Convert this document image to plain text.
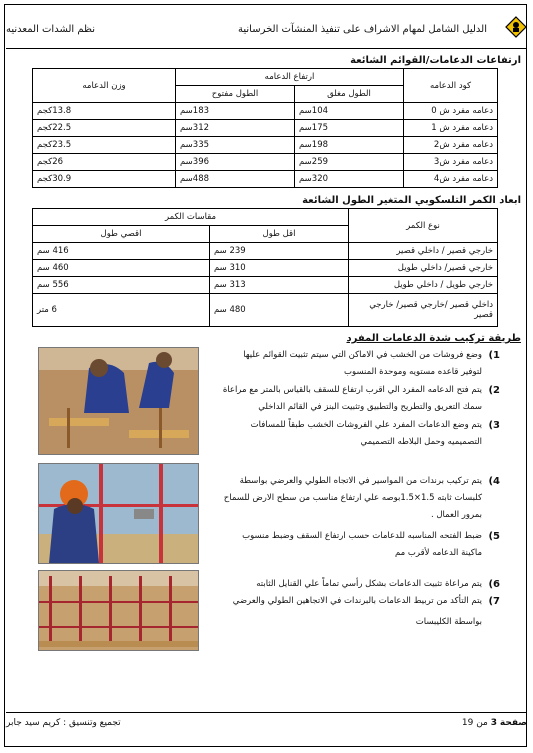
الدليل الشامل لمهام الاشراف على تنفيذ المنشآت الخرسانية
نظم الشدات المعدنيه
ارتفاعات الدعامات/القوائم الشائعة
كود الدعامه	ارتفاع الدعامه		وزن الدعامه
	الطول مغلق	الطول مفتوح	
دعامه مفرد ش 0	104سم	183سم	13.8كجم
دعامه مفرد ش 1	175سم	312سم	22.5كجم
دعامه مفرد ش2	198سم	335سم	23.5كجم
دعامه مفرد ش3	259سم	396سم	26كجم
دعامه مفرد ش4	320سم	488سم	30.9كجم
ابعاد الكمر التلسكوبي المتغير الطول الشائعة
نوع الكمر	مقاسات الكمر	
	اقل طول	اقصي طول
خارجي قصير / داخلي قصير	239 سم	416 سم
خارجي قصير/ داخلي طويل	310 سم	460 سم
خارجي طويل / داخلي طويل	313 سم	556 سم
داخلي قصير /خارجي قصير/ خارجي قصير	480 سم	6 متر
طريقة تركيب شدة الدعامات المفرد
1)
وضع فروشات من الخشب في الاماكن التي سيتم تثبيت القوائم عليها لتوفير قاعده مستويه وموحدة المنسوب
2)
يتم فتح الدعامه المفرد الي اقرب ارتفاع للسقف بالقياس بالمتر مع مراعاة سمك التعريق والتطريح والتطبيق وتثبيت البنز في القائم الداخلي
3)
يتم وضع الدعامات المفرد علي الفروشات الخشب طبقاً للمسافات التصميميه وحمل البلاطه التصميمي
4)
يتم تركيب برندات من المواسير في الاتجاه الطولي والعرضي بواسطة كلبسات ثابته 1.5×1.5بوصه علي ارتفاع مناسب من سطح الارض للسماح بمرور العمال .
5)
ضبط الفتحه المناسبه للدعامات حسب ارتفاع السقف وضبط منسوب ماكينة الدعامه لأقرب مم
6)
يتم مراعاة تثبيت الدعامات بشكل رأسي تماماً علي القنايل الثابته
7)
يتم التأكد من تربيط الدعامات بالبرندات في الاتجاهين الطولي والعرضي
بواسطة الكليبسات
صفحة 3 من 19
تجميع وتنسيق : كريم سيد جابر
